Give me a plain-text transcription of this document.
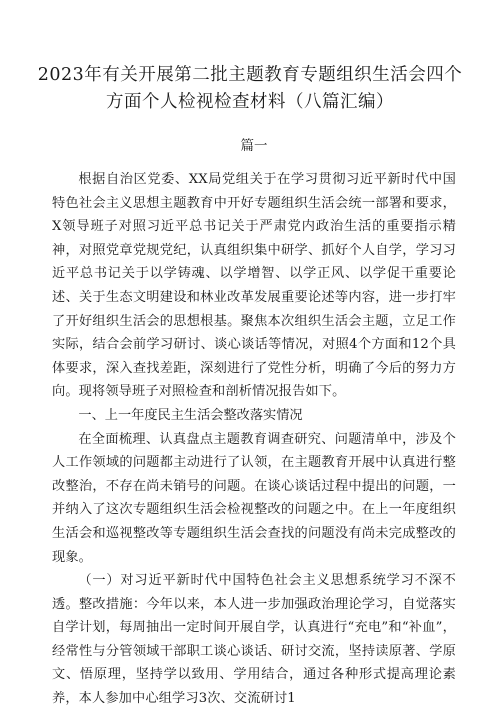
2023年有关开展第二批主题教育专题组织生活会四个方面个人检视检查材料（八篇汇编）
篇一

根据自治区党委、XX局党组关于在学习贯彻习近平新时代中国特色社会主义思想主题教育中开好专题组织生活会统一部署和要求，X领导班子对照习近平总书记关于严肃党内政治生活的重要指示精神，对照党章党规党纪，认真组织集中研学、抓好个人自学，学习习近平总书记关于以学铸魂、以学增智、以学正风、以学促干重要论述、关于生态文明建设和林业改革发展重要论述等内容，进一步打牢了开好组织生活会的思想根基。聚焦本次组织生活会主题，立足工作实际，结合会前学习研讨、谈心谈话等情况，对照4个方面和12个具体要求，深入查找差距，深刻进行了党性分析，明确了今后的努力方向。现将领导班子对照检查和剖析情况报告如下。

一、上一年度民主生活会整改落实情况

在全面梳理、认真盘点主题教育调查研究、问题清单中，涉及个人工作领域的问题都主动进行了认领，在主题教育开展中认真进行整改整治，不存在尚未销号的问题。在谈心谈话过程中提出的问题，一并纳入了这次专题组织生活会检视整改的问题之中。在上一年度组织生活会和巡视整改等专题组织生活会查找的问题没有尚未完成整改的现象。

（一）对习近平新时代中国特色社会主义思想系统学习不深不透。整改措施：今年以来，本人进一步加强政治理论学习，自觉落实自学计划，每周抽出一定时间开展自学，认真进行“充电”和“补血”，经常性与分管领域干部职工谈心谈话、研讨交流，坚持读原著、学原文、悟原理，坚持学以致用、学用结合，通过各种形式提高理论素养，本人参加中心组学习3次、交流研讨1
